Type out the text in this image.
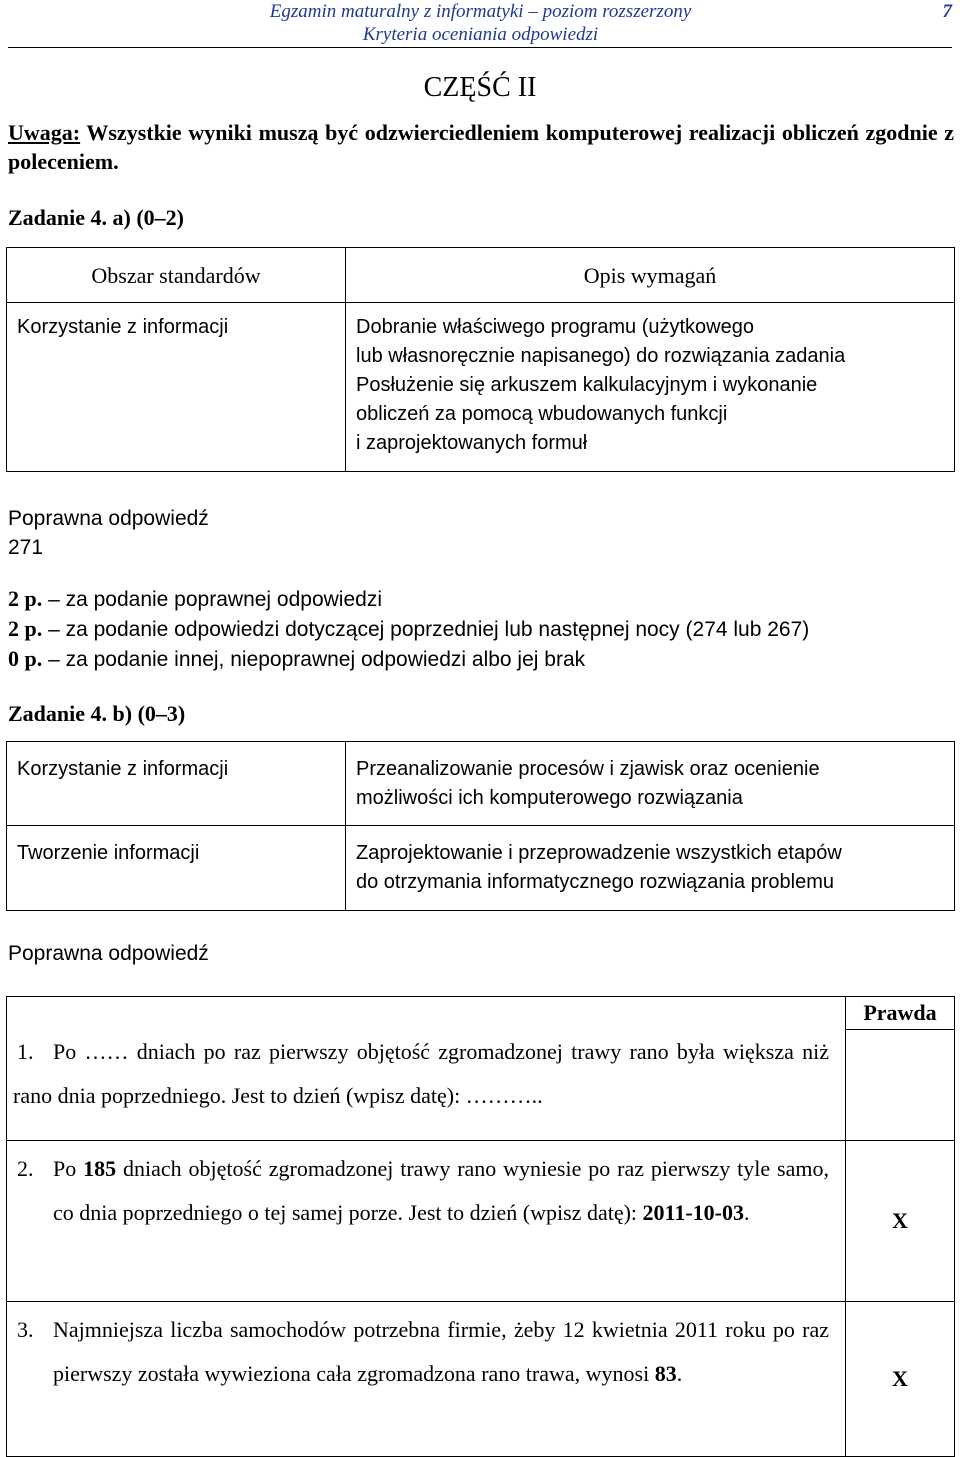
Egzamin maturalny z informatyki – poziom rozszerzony
Kryteria oceniania odpowiedzi
7
CZĘŚĆ II
Uwaga: Wszystkie wyniki muszą być odzwierciedleniem komputerowej realizacji obliczeń zgodnie z poleceniem.
Zadanie 4. a) (0–2)
Obszar standardów	Opis wymagań
Korzystanie z informacji	Dobranie właściwego programu (użytkowego
lub własnoręcznie napisanego) do rozwiązania zadania
Posłużenie się arkuszem kalkulacyjnym i wykonanie
obliczeń za pomocą wbudowanych funkcji
i zaprojektowanych formuł
Poprawna odpowiedź
271
2 p. – za podanie poprawnej odpowiedzi
2 p. – za podanie odpowiedzi dotyczącej poprzedniej lub następnej nocy (274 lub 267)
0 p. – za podanie innej, niepoprawnej odpowiedzi albo jej brak
Zadanie 4. b) (0–3)
Korzystanie z informacji	Przeanalizowanie procesów i zjawisk oraz ocenienie
możliwości ich komputerowego rozwiązania

Tworzenie informacji	Zaprojektowanie i przeprowadzenie wszystkich etapów
do otrzymania informatycznego rozwiązania problemu
Poprawna odpowiedź
	Prawda

1. Po …… dniach po raz pierwszy objętość zgromadzonej trawy rano była większa niż rano dnia poprzedniego. Jest to dzień (wpisz datę): ………..	

2. Po 185 dniach objętość zgromadzonej trawy rano wyniesie po raz pierwszy tyle samo, co dnia poprzedniego o tej samej porze. Jest to dzień (wpisz datę): 2011-10-03.	X

3. Najmniejsza liczba samochodów potrzebna firmie, żeby 12 kwietnia 2011 roku po raz pierwszy została wywieziona cała zgromadzona rano trawa, wynosi 83.	X
